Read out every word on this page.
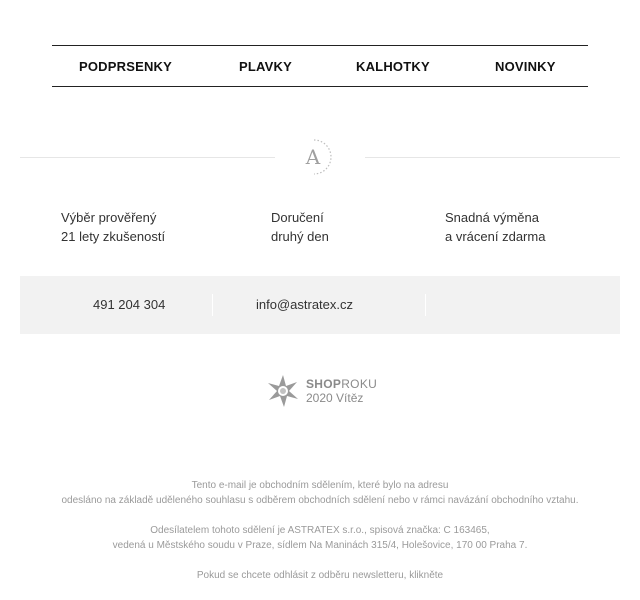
PODPRSENKY	PLAVKY	KALHOTKY	NOVINKY
A
Výběr prověřený
21 lety zkušeností
Doručení
druhý den
Snadná výměna
a vrácení zdarma
491 204 304	info@astratex.cz
SHOPROKU
2020 Vítěz
Tento e-mail je obchodním sdělením, které bylo na adresu
odesláno na základě uděleného souhlasu s odběrem obchodních sdělení nebo v rámci navázání obchodního vztahu.
Odesílatelem tohoto sdělení je ASTRATEX s.r.o., spisová značka: C 163465,
vedená u Městského soudu v Praze, sídlem Na Maninách 315/4, Holešovice, 170 00 Praha 7.
Pokud se chcete odhlásit z odběru newsletteru, klikněte
